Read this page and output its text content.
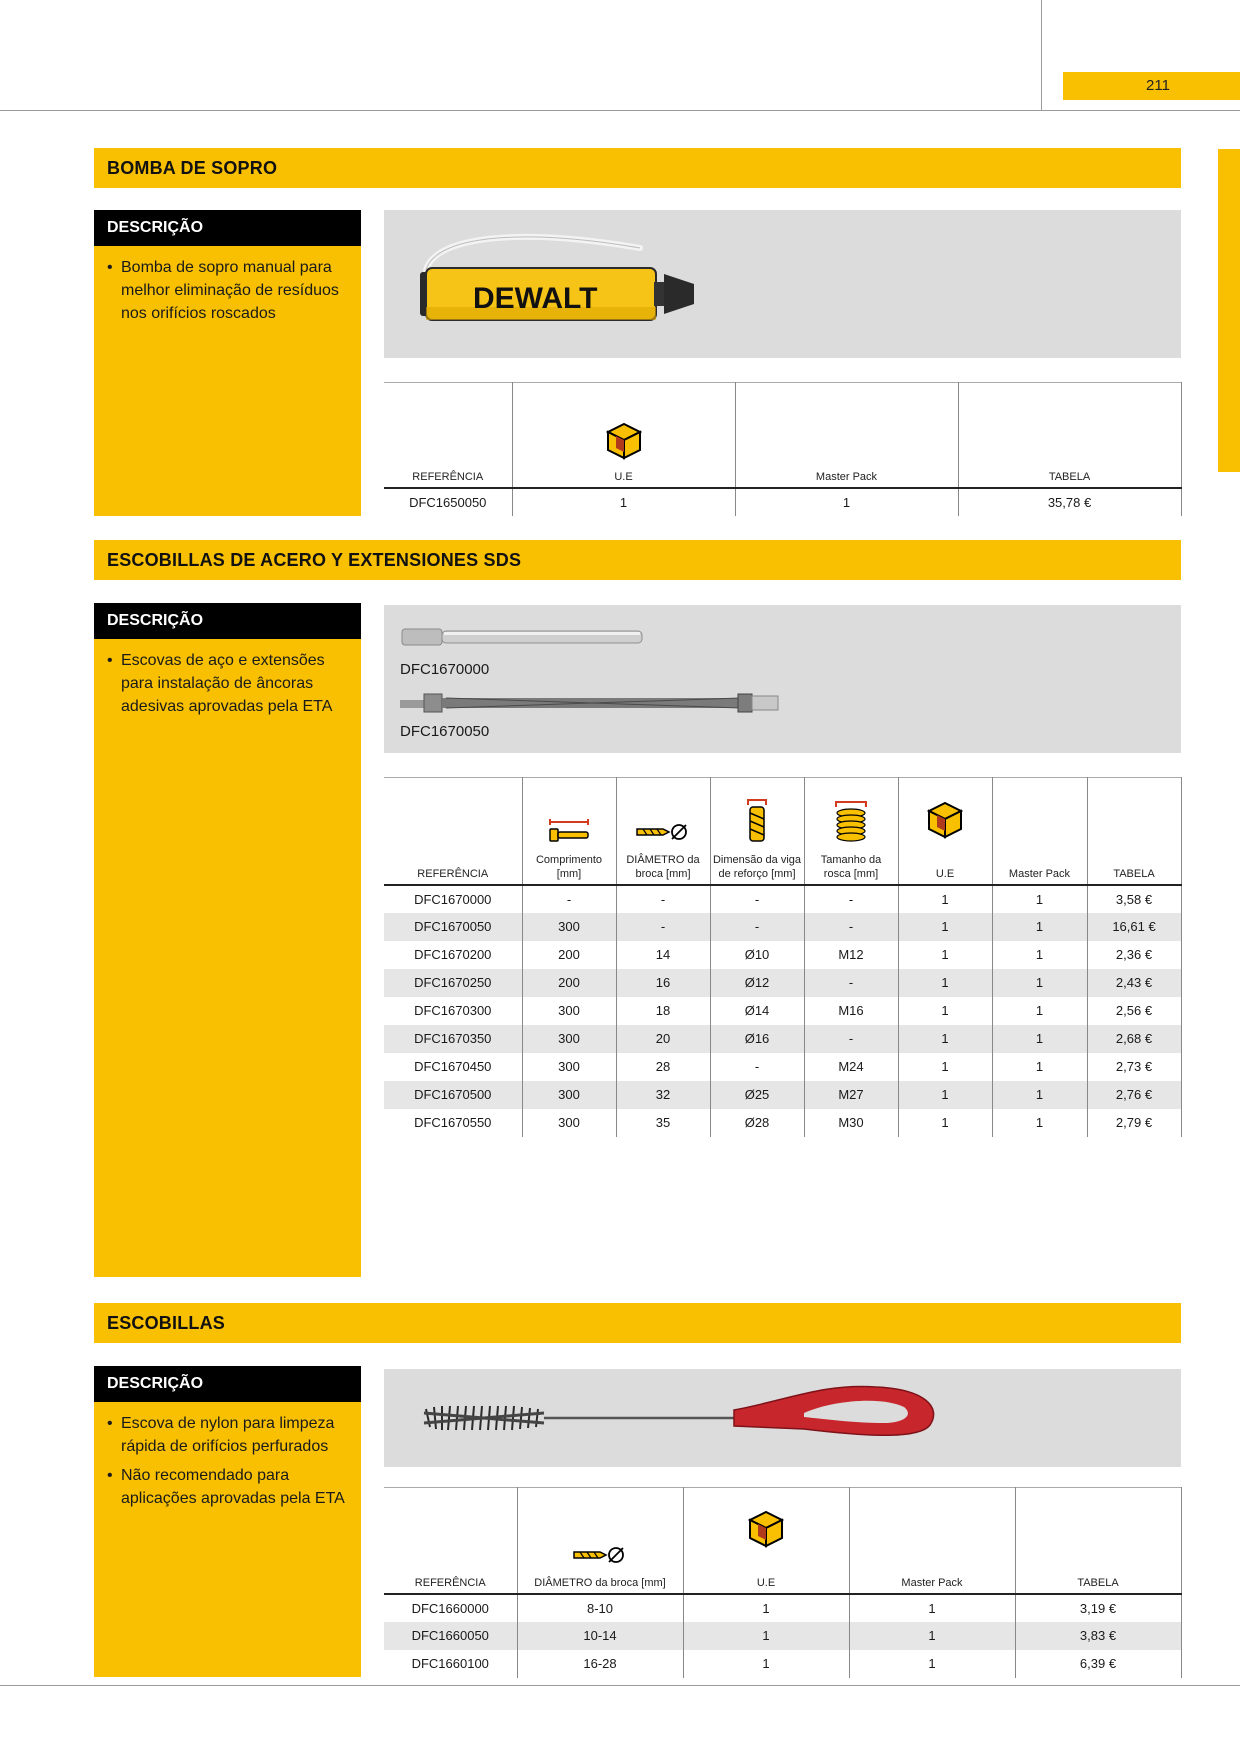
211
BOMBA DE SOPRO
DESCRIÇÃO
• Bomba de sopro manual para melhor eliminação de resíduos nos orifícios roscados	DEWALT
REFERÊNCIA	U.E	Master Pack	TABELA
DFC1650050	1	1	35,78 €
ESCOBILLAS DE ACERO Y EXTENSIONES SDS
DESCRIÇÃO
• Escovas de aço e extensões para instalação de âncoras adesivas aprovadas pela ETA
DFC1670000
DFC1670050
REFERÊNCIA	Comprimento [mm]	DIÂMETRO da broca [mm]	Dimensão da viga de reforço [mm]	Tamanho da rosca [mm]	U.E	Master Pack	TABELA
DFC1670000	-	-	-	-	1	1	3,58 €
DFC1670050	300	-	-	-	1	1	16,61 €
DFC1670200	200	14	Ø10	M12	1	1	2,36 €
DFC1670250	200	16	Ø12	-	1	1	2,43 €
DFC1670300	300	18	Ø14	M16	1	1	2,56 €
DFC1670350	300	20	Ø16	-	1	1	2,68 €
DFC1670450	300	28	-	M24	1	1	2,73 €
DFC1670500	300	32	Ø25	M27	1	1	2,76 €
DFC1670550	300	35	Ø28	M30	1	1	2,79 €
ESCOBILLAS
DESCRIÇÃO
• Escova de nylon para limpeza rápida de orifícios perfurados
• Não recomendado para aplicações aprovadas pela ETA
REFERÊNCIA	DIÂMETRO da broca [mm]	U.E	Master Pack	TABELA
DFC1660000	8-10	1	1	3,19 €
DFC1660050	10-14	1	1	3,83 €
DFC1660100	16-28	1	1	6,39 €
